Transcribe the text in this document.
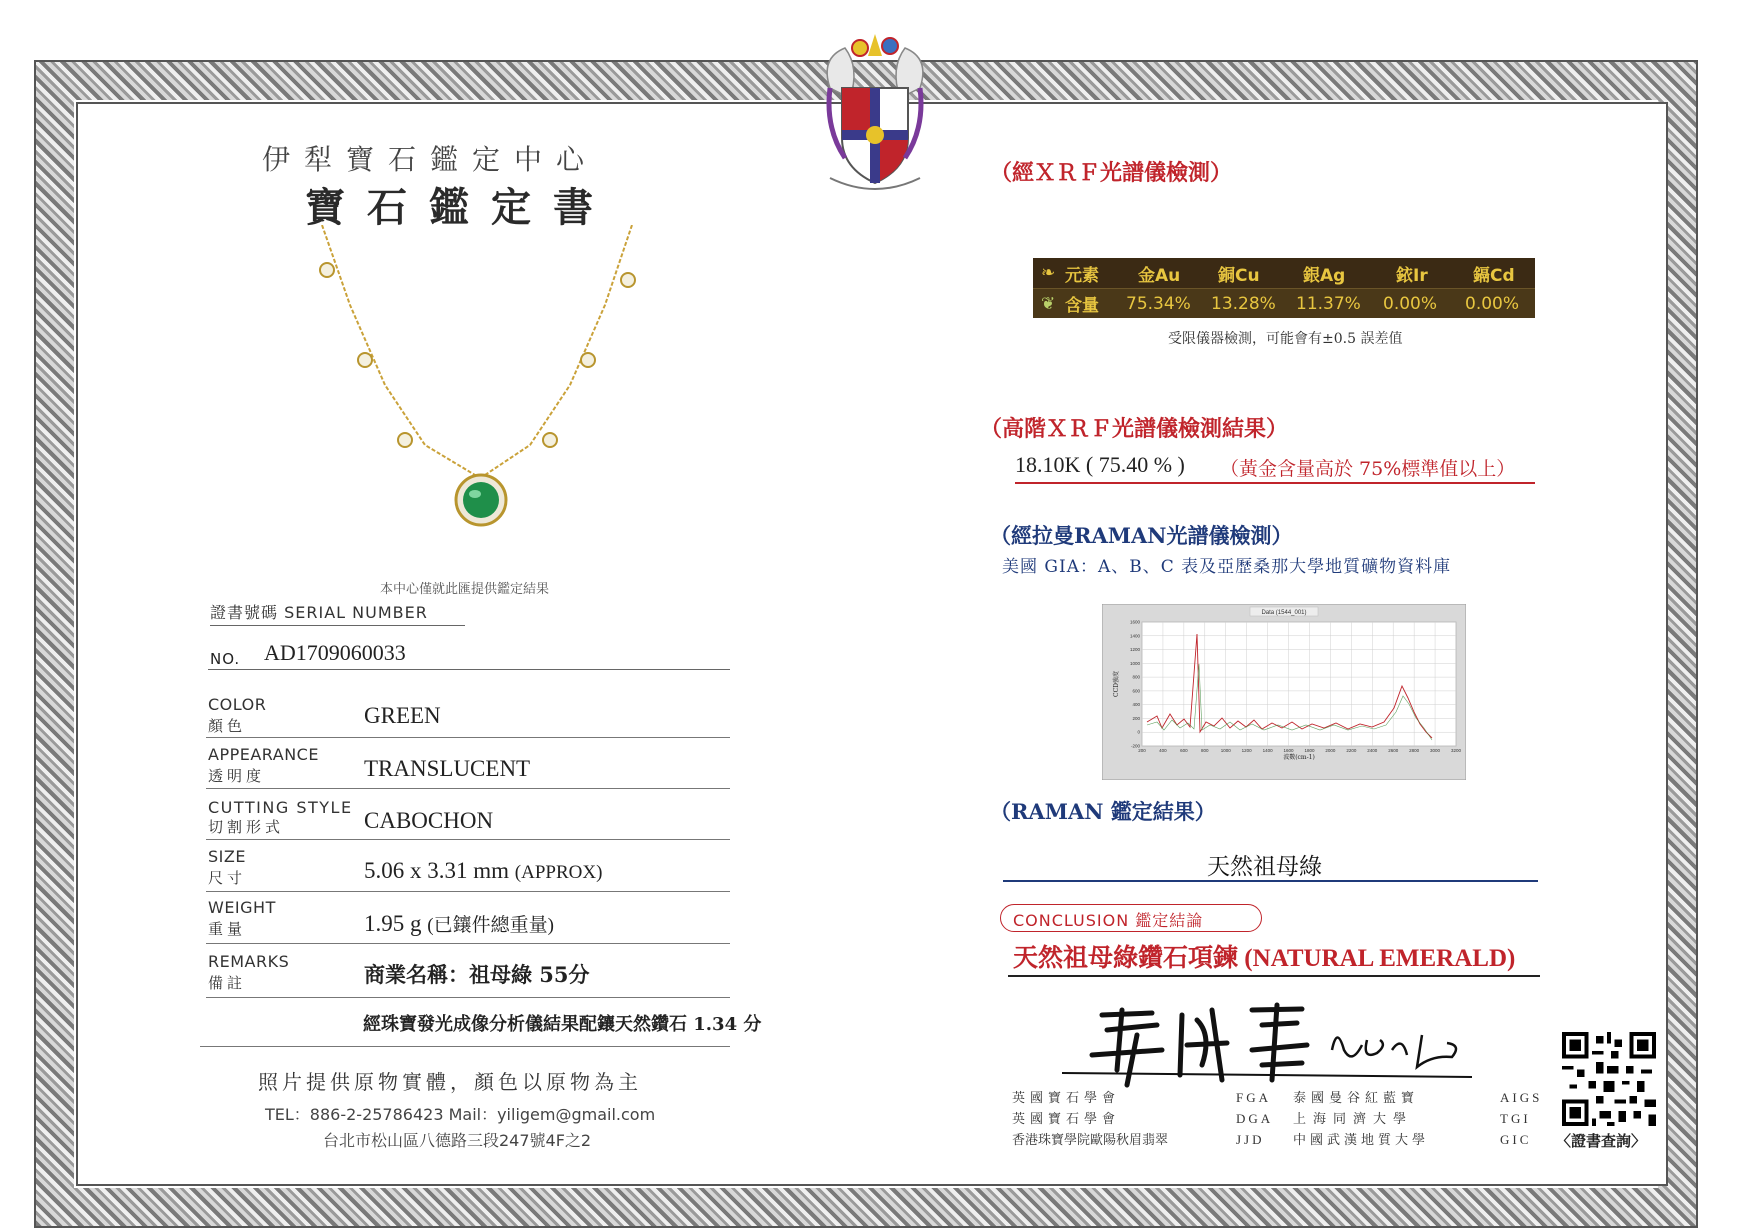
伊犁寶石鑑定中心
寶石鑑定書
本中心僅就此匯提供鑑定結果
證書號碼 SERIAL NUMBER
NO. AD1709060033
COLOR
顏色	GREEN
APPEARANCE
透明度	TRANSLUCENT
CUTTING STYLE
切割形式	CABOCHON
SIZE
尺寸	5.06 x 3.31 mm (APPROX)
WEIGHT
重量	1.95 g (已鑲件總重量)
REMARKS
備註	商業名稱：祖母綠 55分
經珠寶發光成像分析儀結果配鑲天然鑽石 1.34 分
照片提供原物實體，顏色以原物為主
TEL：886-2-25786423 Mail：yiligem@gmail.com
台北市松山區八德路三段247號4F之2
（經ＸＲＦ光譜儀檢測）
❧ 元素 金Au 銅Cu	銀Ag	銥Ir	鎘Cd
❦ 含量 75.34% 13.28% 11.37% 0.00% 0.00%
受限儀器檢測，可能會有±0.5 誤差值
（高階ＸＲＦ光譜儀檢測結果）
18.10K ( 75.40 % ) （黃金含量高於 75%標準值以上）
（經拉曼RAMAN光譜儀檢測）
美國 GIA：A、B、C 表及亞歷桑那大學地質礦物資料庫
Data (1544_001)
1600
1400
1200
1000
800
600
400
200
0
-200
200	400	600	800	1000 1200 1400 1600 1800 2000 2200 2400 2600 2800 3000 3200
波數(cm-1)
CCD強度
（RAMAN 鑑定結果）
天然祖母綠
CONCLUSION 鑑定結論
天然祖母綠鑽石項鍊 (NATURAL EMERALD)
英國寶石學會
英國寶石學會
香港珠寶學院歐陽秋眉翡翠
FGA
DGA
JJD
泰國曼谷紅藍寶
上海同濟大學
中國武漢地質大學
AIGS
TGI
GIC 〈證書查詢〉
